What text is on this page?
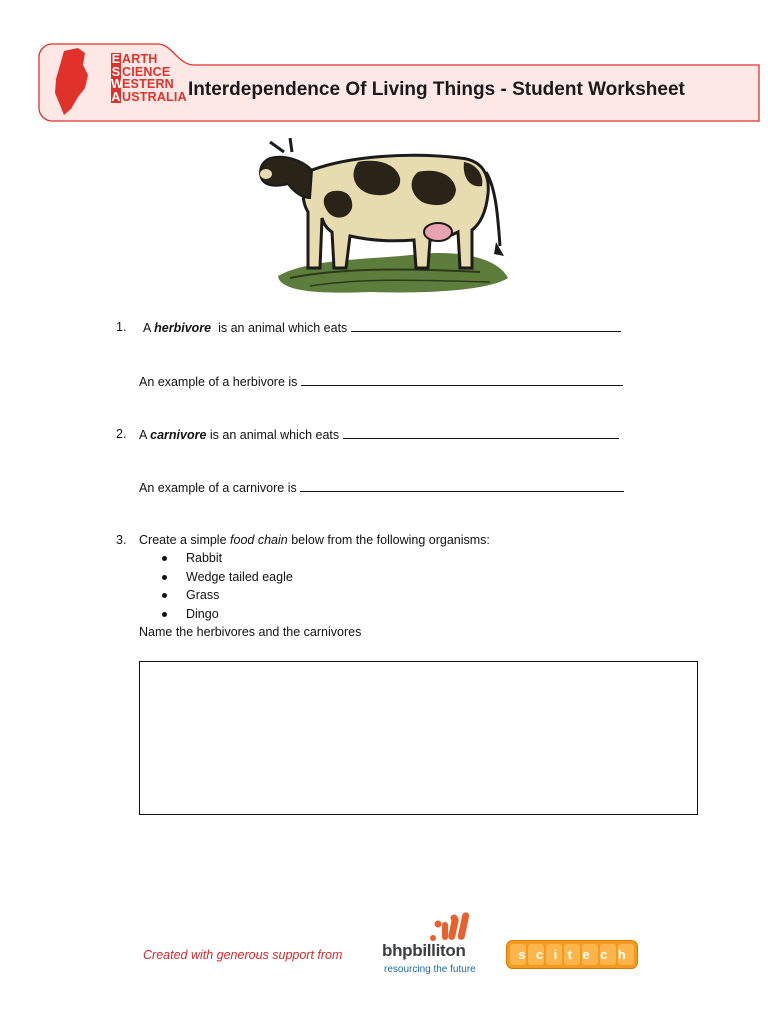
E ARTH
S CIENCE
WESTERN
AUSTRALIA Interdependence Of Living Things - Student Worksheet
1. A herbivore is an animal which eats
An example of a herbivore is
2. A carnivore is an animal which eats
An example of a carnivore is
3. Create a simple food chain below from the following organisms:
Rabbit
Wedge tailed eagle
Grass
Dingo
Name the herbivores and the carnivores
Created with generous support from bhpbilliton
resourcing the future
s c i t e c h
